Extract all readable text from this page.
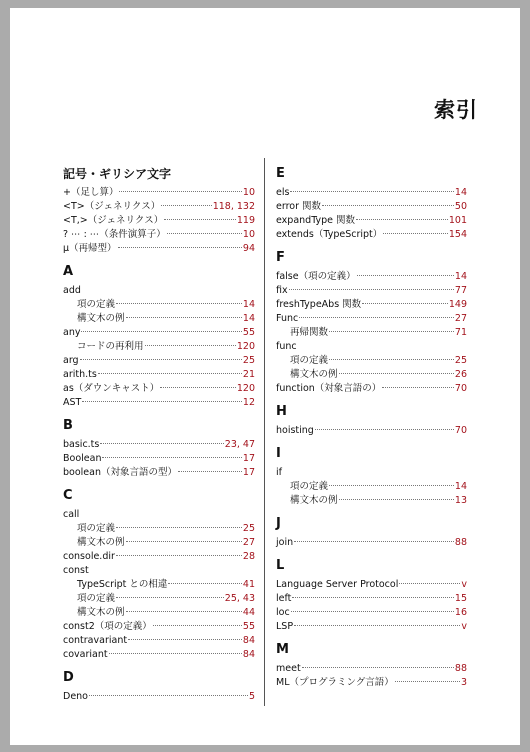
索引
記号・ギリシア文字
+（足し算）	10
<T>（ジェネリクス）	118, 132
<T,>（ジェネリクス）	119
? ⋯ : ⋯（条件演算子）	10
μ（再帰型）	94
A
add
項の定義	14
構文木の例	14
any	55
コードの再利用	120
arg	25
arith.ts	21
as（ダウンキャスト）	120
AST	12
B
basic.ts	23, 47
Boolean	17
boolean（対象言語の型）	17
C
call
項の定義	25
構文木の例	27
console.dir	28
const
TypeScript との相違	41
項の定義	25, 43
構文木の例	44
const2（項の定義）	55
contravariant	84
covariant	84
D
Deno	5
E
els	14
error 関数	50
expandType 関数	101
extends（TypeScript）	154
F
false（項の定義）	14
fix	77
freshTypeAbs 関数	149
Func	27
再帰関数	71
func
項の定義	25
構文木の例	26
function（対象言語の）	70
H
hoisting	70
I
if
項の定義	14
構文木の例	13
J
join	88
L
Language Server Protocol	v
left	15
loc	16
LSP	v
M
meet	88
ML（プログラミング言語）	3
